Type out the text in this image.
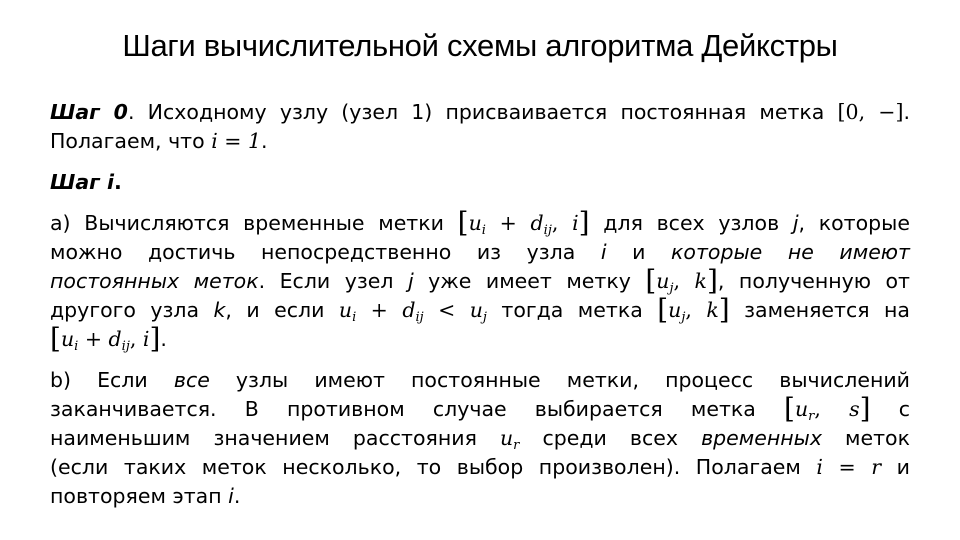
Шаги вычислительной схемы алгоритма Дейкстры
Шаг 0. Исходному узлу (узел 1) присваивается постоянная метка [0, −].
Полагаем, что i = 1.
Шаг i.
a) Вычисляются временные метки [$u_i + d_{ij}$, i] для всех узлов j, которые
можно достичь непосредственно из узла i и которые не имеют
постоянных меток. Если узел j уже имеет метку [$u_j$, k], полученную от
другого узла k, и если $u_i + d_{ij} < u_j$ тогда метка [$u_j$, k] заменяется на
[$u_i + d_{ij}$, i].
b) Если все узлы имеют постоянные метки, процесс вычислений
заканчивается. В противном случае выбирается метка [$u_r$, s] с
наименьшим значением расстояния $u_r$ среди всех временных меток
(если таких меток несколько, то выбор произволен). Полагаем i = r и
повторяем этап i.
